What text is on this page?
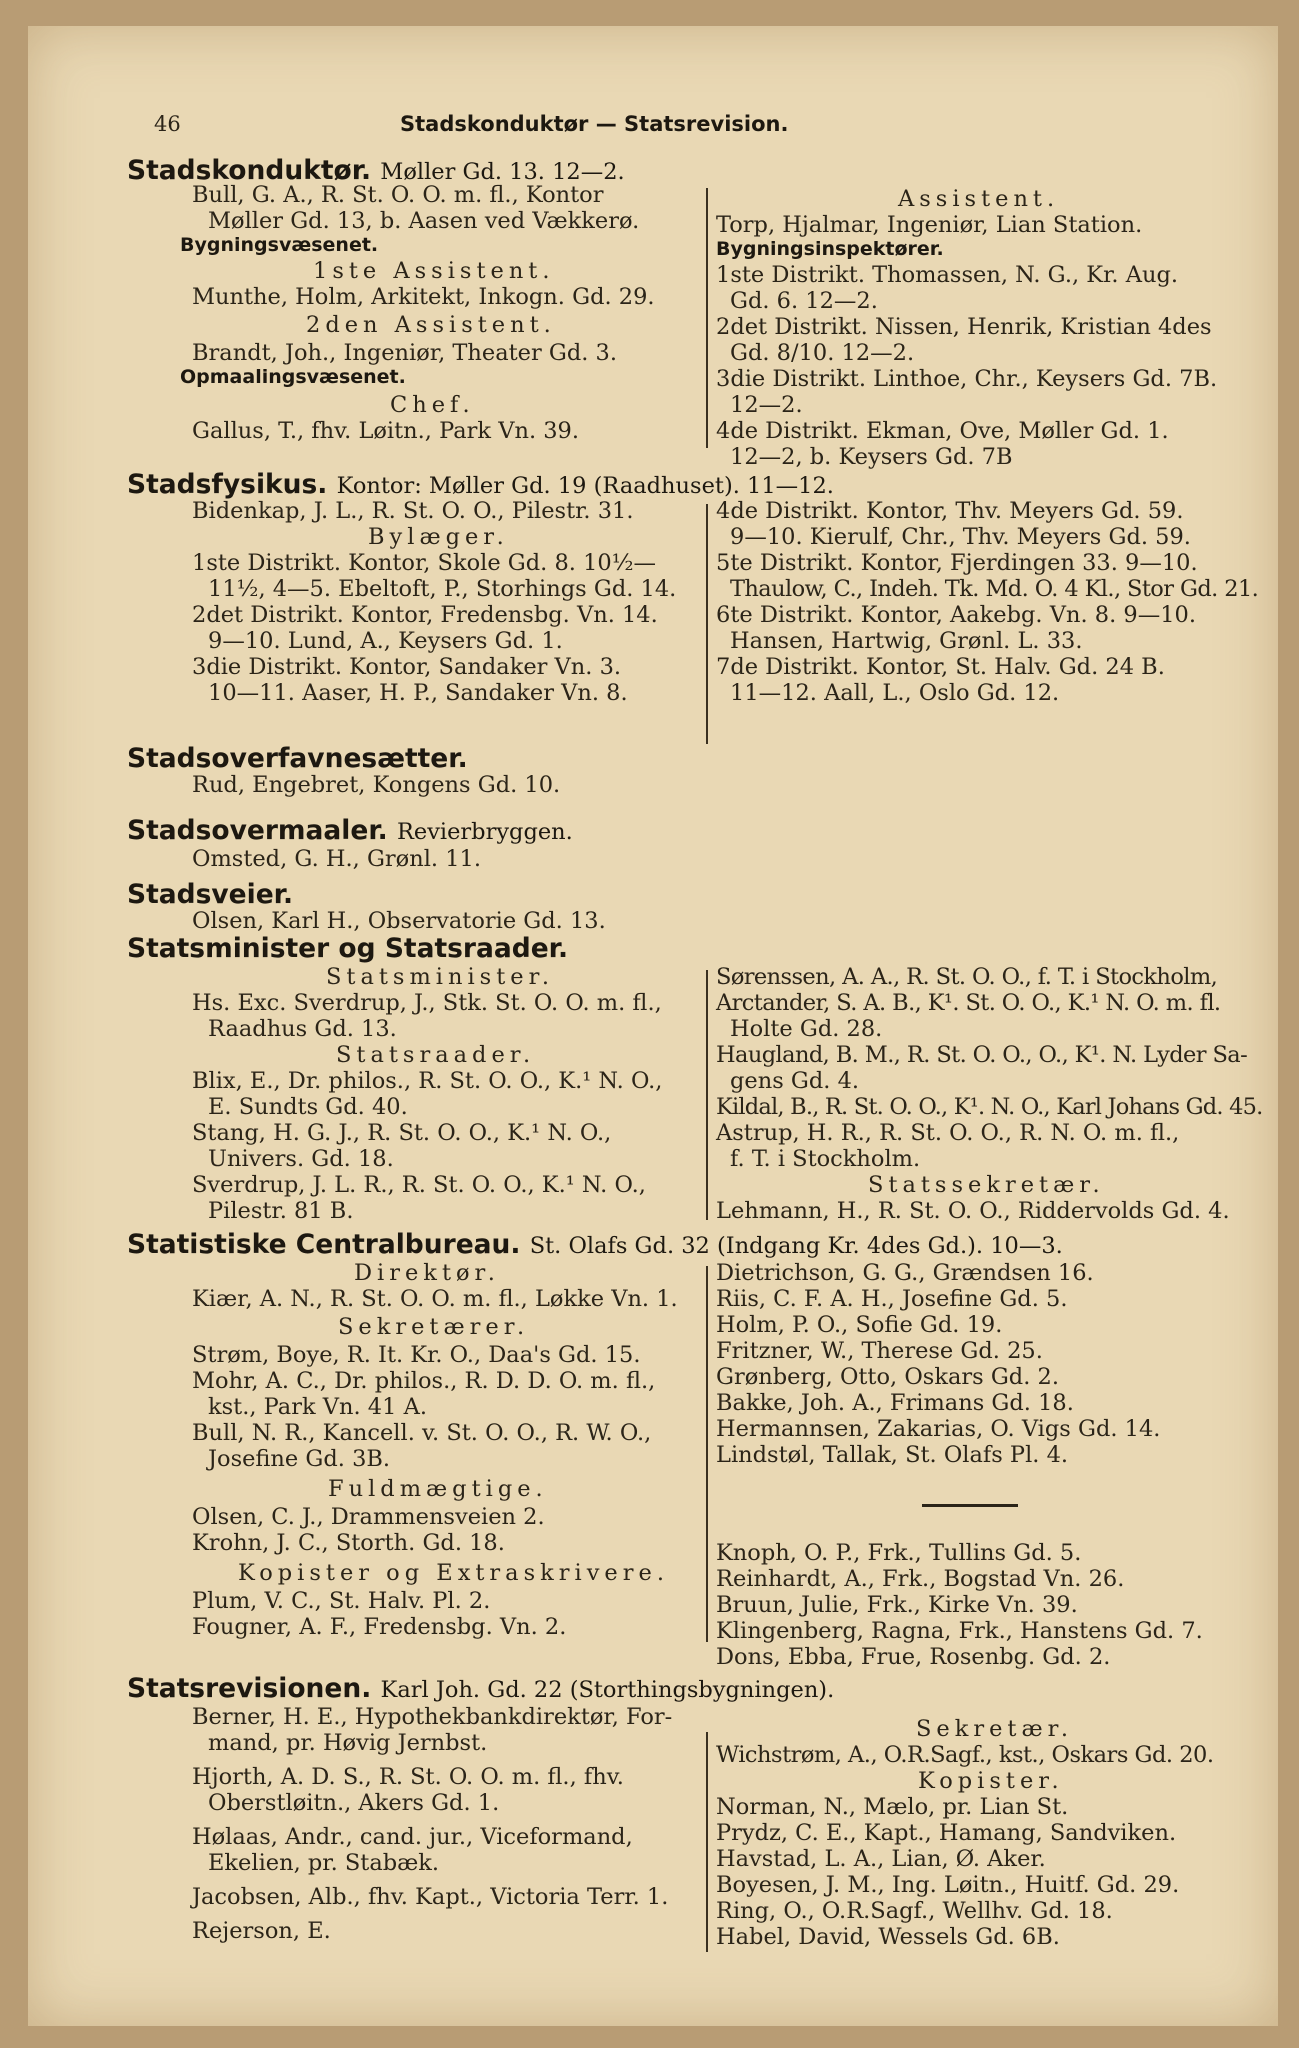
46	Stadskonduktør — Statsrevision.
Stadskonduktør. Møller Gd. 13. 12—2.
Bull, G. A., R. St. O. O. m. fl., Kontor
Møller Gd. 13, b. Aasen ved Vækkerø.
Bygningsvæsenet.
1ste Assistent.
Munthe, Holm, Arkitekt, Inkogn. Gd. 29.
2den Assistent.
Brandt, Joh., Ingeniør, Theater Gd. 3.
Opmaalingsvæsenet.
Chef.
Gallus, T., fhv. Løitn., Park Vn. 39.
Assistent.
Torp, Hjalmar, Ingeniør, Lian Station.
Bygningsinspektører.
1ste Distrikt. Thomassen, N. G., Kr. Aug.
Gd. 6. 12—2.
2det Distrikt. Nissen, Henrik, Kristian 4des
Gd. 8/10. 12—2.
3die Distrikt. Linthoe, Chr., Keysers Gd. 7B.
12—2.
4de Distrikt. Ekman, Ove, Møller Gd. 1.
12—2, b. Keysers Gd. 7B
Stadsfysikus. Kontor: Møller Gd. 19 (Raadhuset). 11—12.
Bidenkap, J. L., R. St. O. O., Pilestr. 31.
Bylæger.
1ste Distrikt. Kontor, Skole Gd. 8. 10½—
11½, 4—5. Ebeltoft, P., Storhings Gd. 14.
2det Distrikt. Kontor, Fredensbg. Vn. 14.
9—10. Lund, A., Keysers Gd. 1.
3die Distrikt. Kontor, Sandaker Vn. 3.
10—11. Aaser, H. P., Sandaker Vn. 8.
4de Distrikt. Kontor, Thv. Meyers Gd. 59.
9—10. Kierulf, Chr., Thv. Meyers Gd. 59.
5te Distrikt. Kontor, Fjerdingen 33. 9—10.
Thaulow, C., Indeh. Tk. Md. O. 4 Kl., Stor Gd. 21.
6te Distrikt. Kontor, Aakebg. Vn. 8. 9—10.
Hansen, Hartwig, Grønl. L. 33.
7de Distrikt. Kontor, St. Halv. Gd. 24 B.
11—12. Aall, L., Oslo Gd. 12.
Stadsoverfavnesætter.
Rud, Engebret, Kongens Gd. 10.
Stadsovermaaler. Revierbryggen.
Omsted, G. H., Grønl. 11.
Stadsveier.
Olsen, Karl H., Observatorie Gd. 13.
Statsminister og Statsraader.
Statsminister.
Hs. Exc. Sverdrup, J., Stk. St. O. O. m. fl.,
Raadhus Gd. 13.
Statsraader.
Blix, E., Dr. philos., R. St. O. O., K.¹ N. O.,
E. Sundts Gd. 40.
Stang, H. G. J., R. St. O. O., K.¹ N. O.,
Univers. Gd. 18.
Sverdrup, J. L. R., R. St. O. O., K.¹ N. O.,
Pilestr. 81 B.
Sørenssen, A. A., R. St. O. O., f. T. i Stockholm,
Arctander, S. A. B., K¹. St. O. O., K.¹ N. O. m. fl.
Holte Gd. 28.
Haugland, B. M., R. St. O. O., O., K¹. N. Lyder Sa-
gens Gd. 4.
Kildal, B., R. St. O. O., K¹. N. O., Karl Johans Gd. 45.
Astrup, H. R., R. St. O. O., R. N. O. m. fl.,
f. T. i Stockholm.
Statssekretær.
Lehmann, H., R. St. O. O., Riddervolds Gd. 4.
Statistiske Centralbureau. St. Olafs Gd. 32 (Indgang Kr. 4des Gd.). 10—3.
Direktør.
Kiær, A. N., R. St. O. O. m. fl., Løkke Vn. 1.
Sekretærer.
Strøm, Boye, R. It. Kr. O., Daa's Gd. 15.
Mohr, A. C., Dr. philos., R. D. D. O. m. fl.,
kst., Park Vn. 41 A.
Bull, N. R., Kancell. v. St. O. O., R. W. O.,
Josefine Gd. 3B.
Fuldmægtige.
Olsen, C. J., Drammensveien 2.
Krohn, J. C., Storth. Gd. 18.
Kopister og Extraskrivere.
Plum, V. C., St. Halv. Pl. 2.
Fougner, A. F., Fredensbg. Vn. 2.
Dietrichson, G. G., Grændsen 16.
Riis, C. F. A. H., Josefine Gd. 5.
Holm, P. O., Sofie Gd. 19.
Fritzner, W., Therese Gd. 25.
Grønberg, Otto, Oskars Gd. 2.
Bakke, Joh. A., Frimans Gd. 18.
Hermannsen, Zakarias, O. Vigs Gd. 14.
Lindstøl, Tallak, St. Olafs Pl. 4.
Knoph, O. P., Frk., Tullins Gd. 5.
Reinhardt, A., Frk., Bogstad Vn. 26.
Bruun, Julie, Frk., Kirke Vn. 39.
Klingenberg, Ragna, Frk., Hanstens Gd. 7.
Dons, Ebba, Frue, Rosenbg. Gd. 2.
Statsrevisionen. Karl Joh. Gd. 22 (Storthingsbygningen).
Berner, H. E., Hypothekbankdirektør, For-
mand, pr. Høvig Jernbst.
Hjorth, A. D. S., R. St. O. O. m. fl., fhv.
Oberstløitn., Akers Gd. 1.
Hølaas, Andr., cand. jur., Viceformand,
Ekelien, pr. Stabæk.
Jacobsen, Alb., fhv. Kapt., Victoria Terr. 1.
Rejerson, E.
Sekretær.
Wichstrøm, A., O.R.Sagf., kst., Oskars Gd. 20.
Kopister.
Norman, N., Mælo, pr. Lian St.
Prydz, C. E., Kapt., Hamang, Sandviken.
Havstad, L. A., Lian, Ø. Aker.
Boyesen, J. M., Ing. Løitn., Huitf. Gd. 29.
Ring, O., O.R.Sagf., Wellhv. Gd. 18.
Habel, David, Wessels Gd. 6B.
